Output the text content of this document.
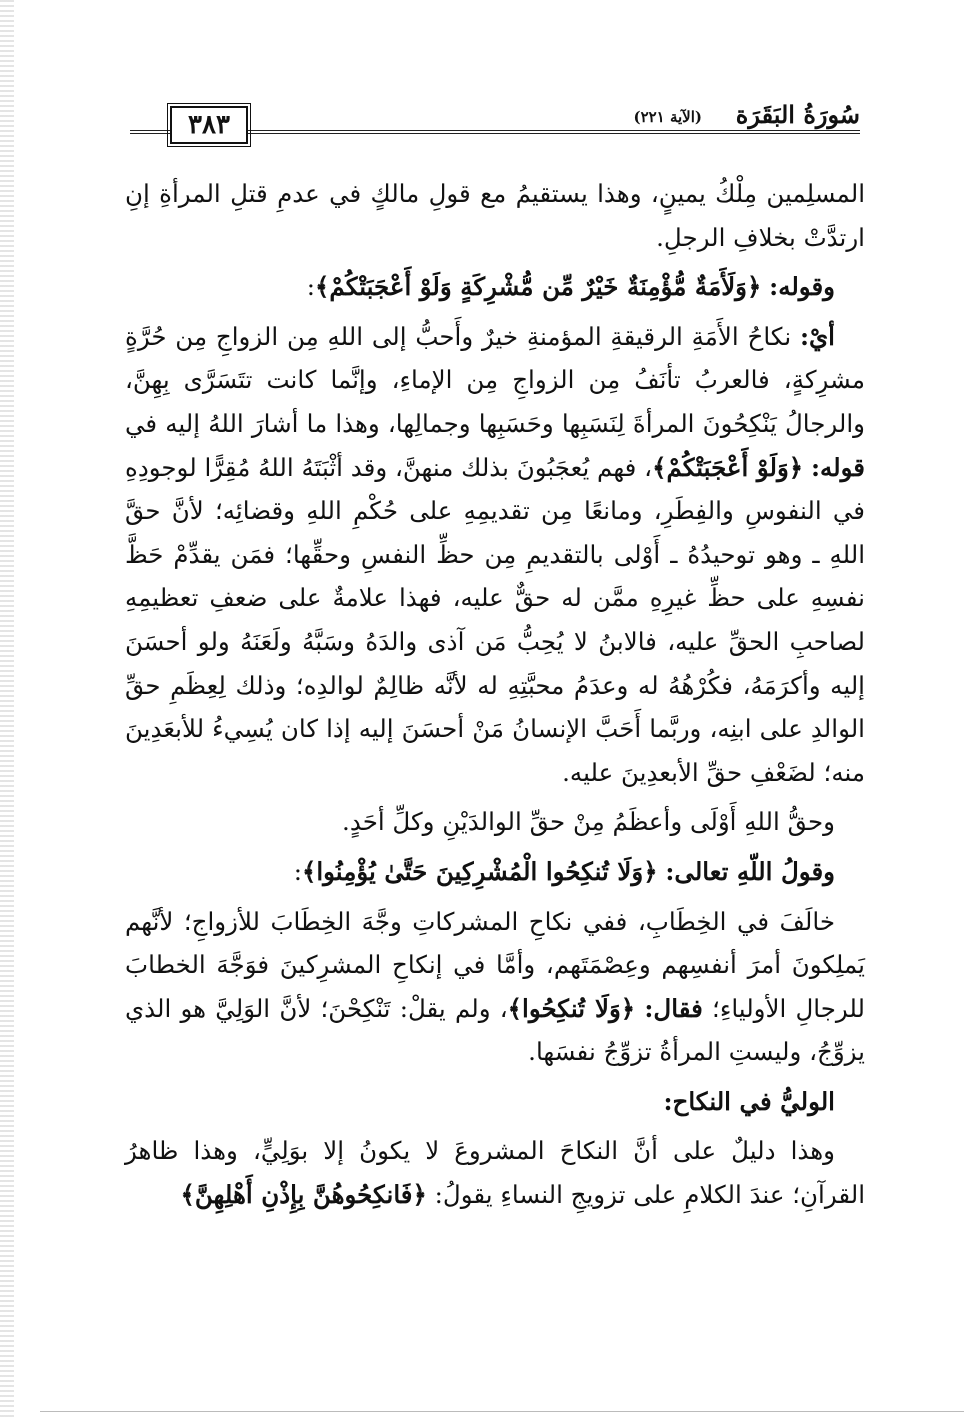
سُورَةُ البَقَرَة
(الآية ٢٢١)
٣٨٣

المسلِمين مِلْكُ يمينٍ، وهذا يستقيمُ مع قولِ مالكٍ في عدمِ قتلِ المرأةِ إنِ ارتدَّتْ بخلافِ الرجلِ.

وقوله: ﴿وَلَأَمَةٌ مُّؤْمِنَةٌ خَيْرٌ مِّن مُّشْرِكَةٍ وَلَوْ أَعْجَبَتْكُمْ﴾:

أيْ: نكاحُ الأَمَةِ الرقيقةِ المؤمنةِ خيرٌ وأَحبُّ إلى اللهِ مِن الزواجِ مِن حُرَّةٍ مشرِكةٍ، فالعربُ تأنَفُ مِن الزواجِ مِن الإماءِ، وإنَّما كانت تتَسَرَّى بِهِنَّ، والرجالُ يَنْكِحُونَ المرأةَ لِنَسَبِها وحَسَبِها وجمالِها، وهذا ما أشارَ اللهُ إليه في قوله: ﴿وَلَوْ أَعْجَبَتْكُمْ﴾، فهم يُعجَبُونَ بذلك منهنَّ، وقد أثْبَتَهُ اللهُ مُقِرًّا لوجودِهِ في النفوسِ والفِطَرِ، ومانعًا مِن تقديمِهِ على حُكْمِ اللهِ وقضائِه؛ لأنَّ حقَّ اللهِ ـ وهو توحيدُهُ ـ أَوْلى بالتقديمِ مِن حظِّ النفسِ وحقِّها؛ فمَن يقدِّمْ حَظَّ نفسِهِ على حظِّ غيرِهِ ممَّن له حقٌّ عليه، فهذا علامةٌ على ضعفِ تعظيمِهِ لصاحبِ الحقِّ عليه، فالابنُ لا يُحِبُّ مَن آذى والدَهُ وسَبَّهُ ولَعَنَهُ ولو أحسَنَ إليه وأكرَمَهُ، فكُرْهُهُ له وعدَمُ محبَّتِهِ له لأنَّه ظالِمٌ لوالدِه؛ وذلك لِعِظَمِ حقِّ الوالدِ على ابنِه، وربَّما أَحَبَّ الإنسانُ مَنْ أحسَنَ إليه إذا كان يُسِيءُ للأبعَدِينَ منه؛ لضَعْفِ حقِّ الأبعدِينَ عليه.

وحقُّ اللهِ أَوْلَى وأعظَمُ مِنْ حقِّ الوالدَيْنِ وكلِّ أحَدٍ.

وقولُ اللّهِ تعالى: ﴿وَلَا تُنكِحُوا الْمُشْرِكِينَ حَتَّىٰ يُؤْمِنُوا﴾:

خالَفَ في الخِطَابِ، ففي نكاحِ المشركاتِ وجَّهَ الخِطَابَ للأزواجِ؛ لأنَّهم يَملِكونَ أمرَ أنفسِهم وعِصْمَتَهم، وأمَّا في إنكاحِ المشرِكينَ فوَجَّهَ الخطابَ للرجالِ الأولياءِ؛ فقال: ﴿وَلَا تُنكِحُوا﴾، ولم يقلْ: تَنْكِحْنَ؛ لأنَّ الوَلِيَّ هو الذي يزوِّجُ، وليستِ المرأةُ تزوِّجُ نفسَها.

الوليُّ في النكاح:

وهذا دليلٌ على أنَّ النكاحَ المشروعَ لا يكونُ إلا بوَلِيٍّ، وهذا ظاهرُ القرآنِ؛ عندَ الكلامِ على تزويجِ النساءِ يقولُ: ﴿فَانكِحُوهُنَّ بِإِذْنِ أَهْلِهِنَّ﴾
